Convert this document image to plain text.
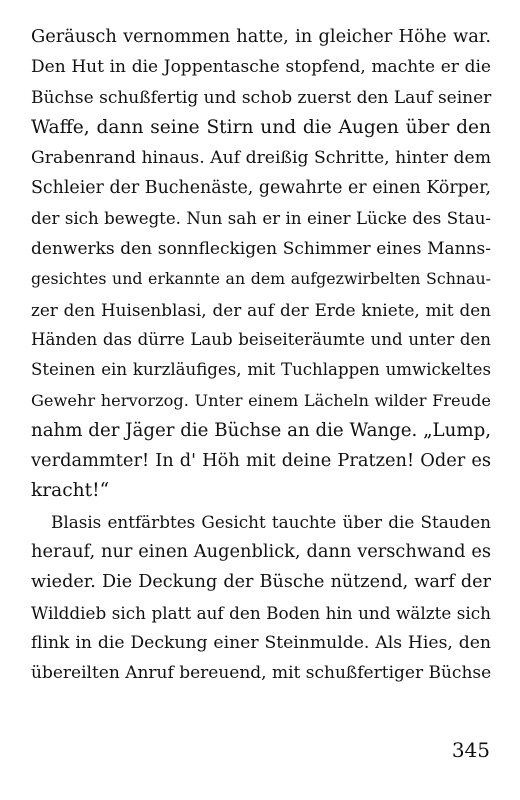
Geräusch vernommen hatte, in gleicher Höhe war.
Den Hut in die Joppentasche stopfend, machte er die
Büchse schußfertig und schob zuerst den Lauf seiner
Waffe, dann seine Stirn und die Augen über den
Grabenrand hinaus. Auf dreißig Schritte, hinter dem
Schleier der Buchenäste, gewahrte er einen Körper,
der sich bewegte. Nun sah er in einer Lücke des Stau-
denwerks den sonnfleckigen Schimmer eines Manns-
gesichtes und erkannte an dem aufgezwirbelten Schnau-
zer den Huisenblasi, der auf der Erde kniete, mit den
Händen das dürre Laub beiseiteräumte und unter den
Steinen ein kurzläufiges, mit Tuchlappen umwickeltes
Gewehr hervorzog. Unter einem Lächeln wilder Freude
nahm der Jäger die Büchse an die Wange. „Lump,
verdammter! In d' Höh mit deine Pratzen! Oder es
kracht!“
Blasis entfärbtes Gesicht tauchte über die Stauden
herauf, nur einen Augenblick, dann verschwand es
wieder. Die Deckung der Büsche nützend, warf der
Wilddieb sich platt auf den Boden hin und wälzte sich
flink in die Deckung einer Steinmulde. Als Hies, den
übereilten Anruf bereuend, mit schußfertiger Büchse
345
